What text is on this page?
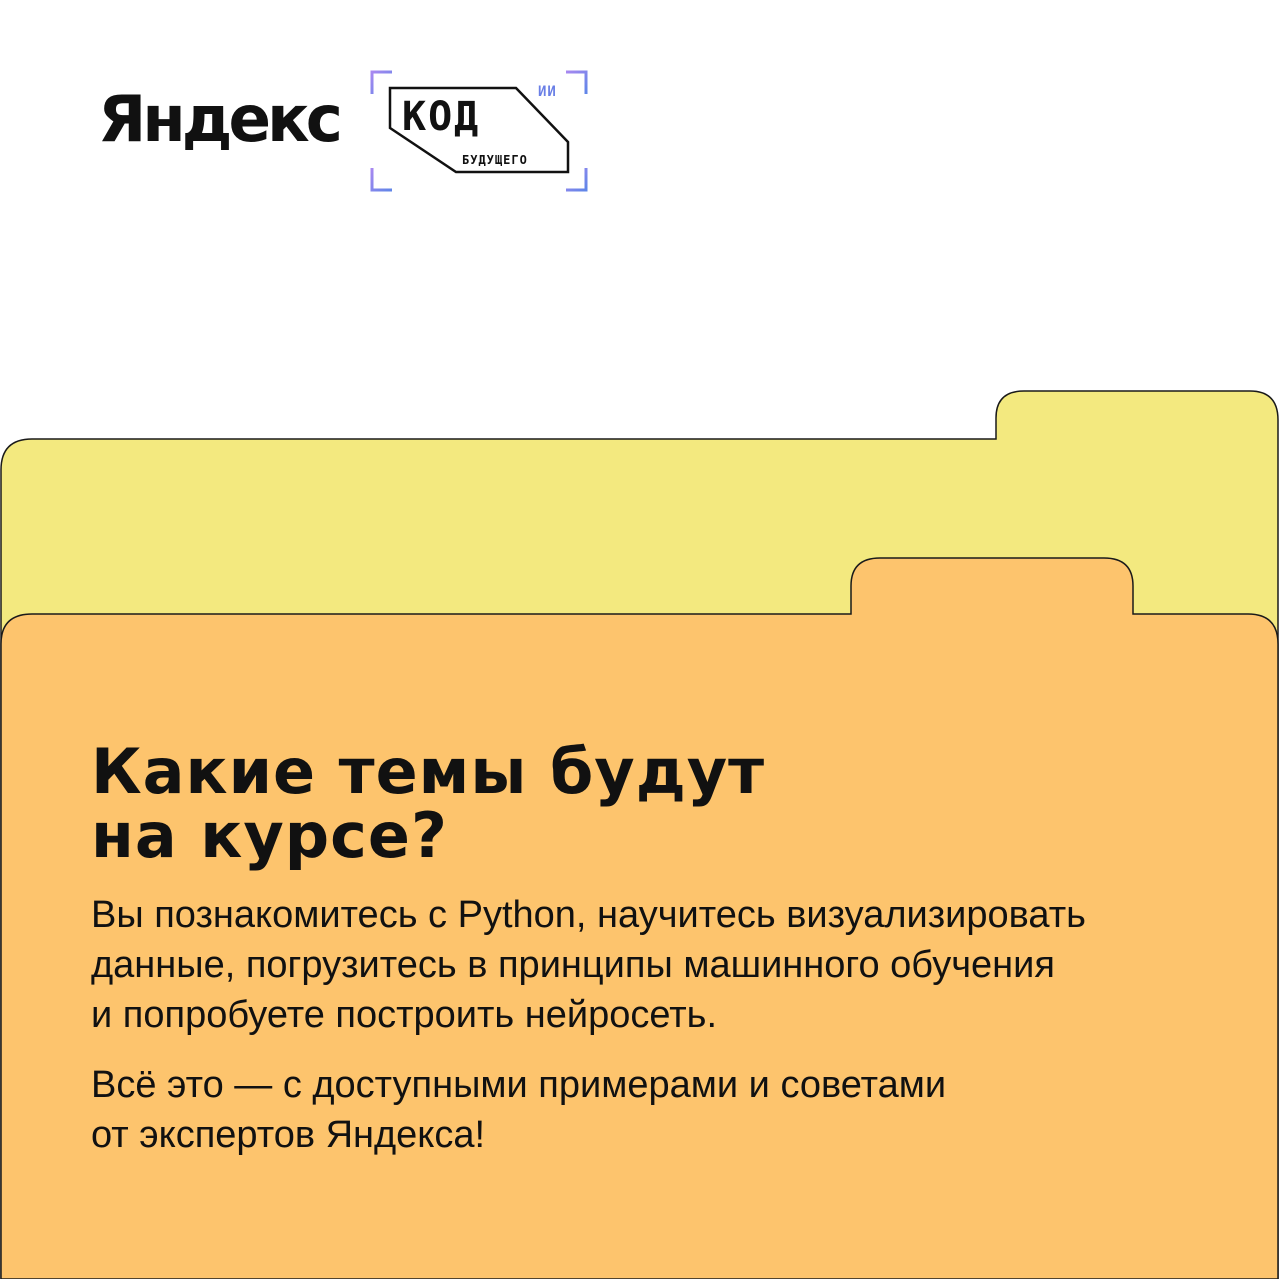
Яндекс	ИИ
КОД
БУДУЩЕГО
Какие темы будут
на курсе?

Вы познакомитесь с Python, научитесь визуализировать
данные, погрузитесь в принципы машинного обучения
и попробуете построить нейросеть.

Всё это — с доступными примерами и советами
от экспертов Яндекса!
